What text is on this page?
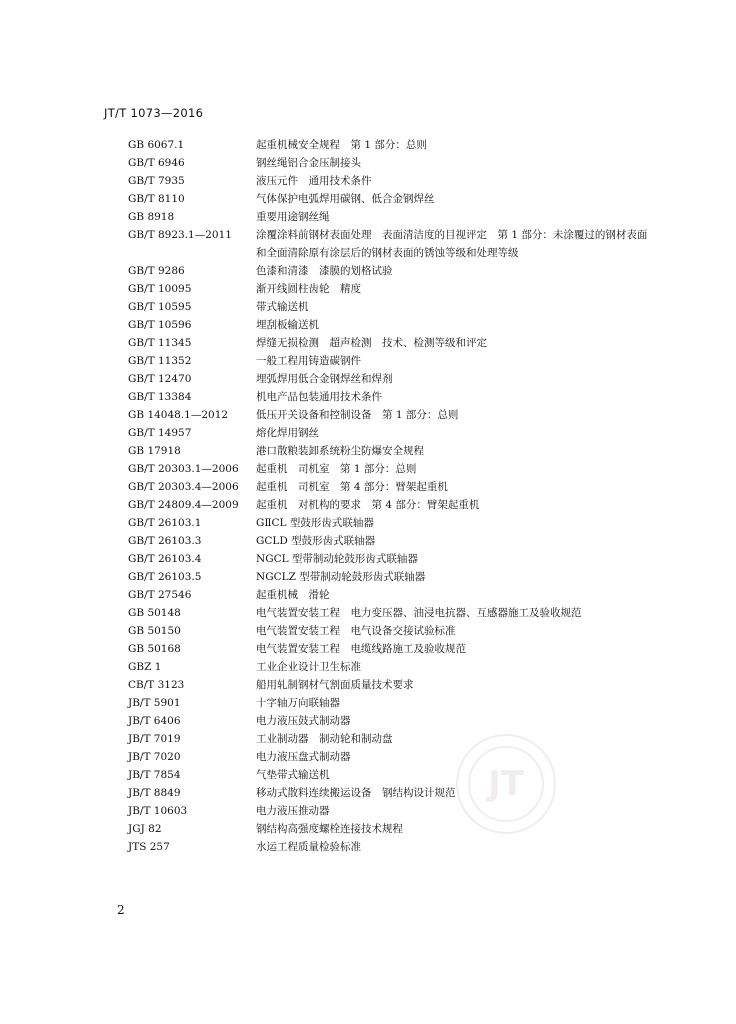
JT/T 1073—2016
GB 6067.1	起重机械安全规程　第 1 部分：总则
GB/T 6946	钢丝绳铝合金压制接头
GB/T 7935	液压元件　通用技术条件
GB/T 8110	气体保护电弧焊用碳钢、低合金钢焊丝
GB 8918	重要用途钢丝绳
GB/T 8923.1—2011	涂覆涂料前钢材表面处理　表面清洁度的目视评定　第 1 部分：未涂覆过的钢材表面和全面清除原有涂层后的钢材表面的锈蚀等级和处理等级
GB/T 9286	色漆和清漆　漆膜的划格试验
GB/T 10095	渐开线圆柱齿轮　精度
GB/T 10595	带式输送机
GB/T 10596	埋刮板输送机
GB/T 11345	焊缝无损检测　超声检测　技术、检测等级和评定
GB/T 11352	一般工程用铸造碳钢件
GB/T 12470	埋弧焊用低合金钢焊丝和焊剂
GB/T 13384	机电产品包装通用技术条件
GB 14048.1—2012	低压开关设备和控制设备　第 1 部分：总则
GB/T 14957	熔化焊用钢丝
GB 17918	港口散粮装卸系统粉尘防爆安全规程
GB/T 20303.1—2006	起重机　司机室　第 1 部分：总则
GB/T 20303.4—2006	起重机　司机室　第 4 部分：臂架起重机
GB/T 24809.4—2009	起重机　对机构的要求　第 4 部分：臂架起重机
GB/T 26103.1	GⅡCL 型鼓形齿式联轴器
GB/T 26103.3	GCLD 型鼓形齿式联轴器
GB/T 26103.4	NGCL 型带制动轮鼓形齿式联轴器
GB/T 26103.5	NGCLZ 型带制动轮鼓形齿式联轴器
GB/T 27546	起重机械　滑轮
GB 50148	电气装置安装工程　电力变压器、油浸电抗器、互感器施工及验收规范
GB 50150	电气装置安装工程　电气设备交接试验标准
GB 50168	电气装置安装工程　电缆线路施工及验收规范
GBZ 1	工业企业设计卫生标准
CB/T 3123	船用轧制钢材气割面质量技术要求
JB/T 5901	十字轴万向联轴器
JB/T 6406	电力液压鼓式制动器
JB/T 7019	工业制动器　制动轮和制动盘
JB/T 7020	电力液压盘式制动器
JB/T 7854	气垫带式输送机
JB/T 8849	移动式散料连续搬运设备　钢结构设计规范
JB/T 10603	电力液压推动器
JGJ 82	钢结构高强度螺栓连接技术规程
JTS 257	水运工程质量检验标准
JT
2
